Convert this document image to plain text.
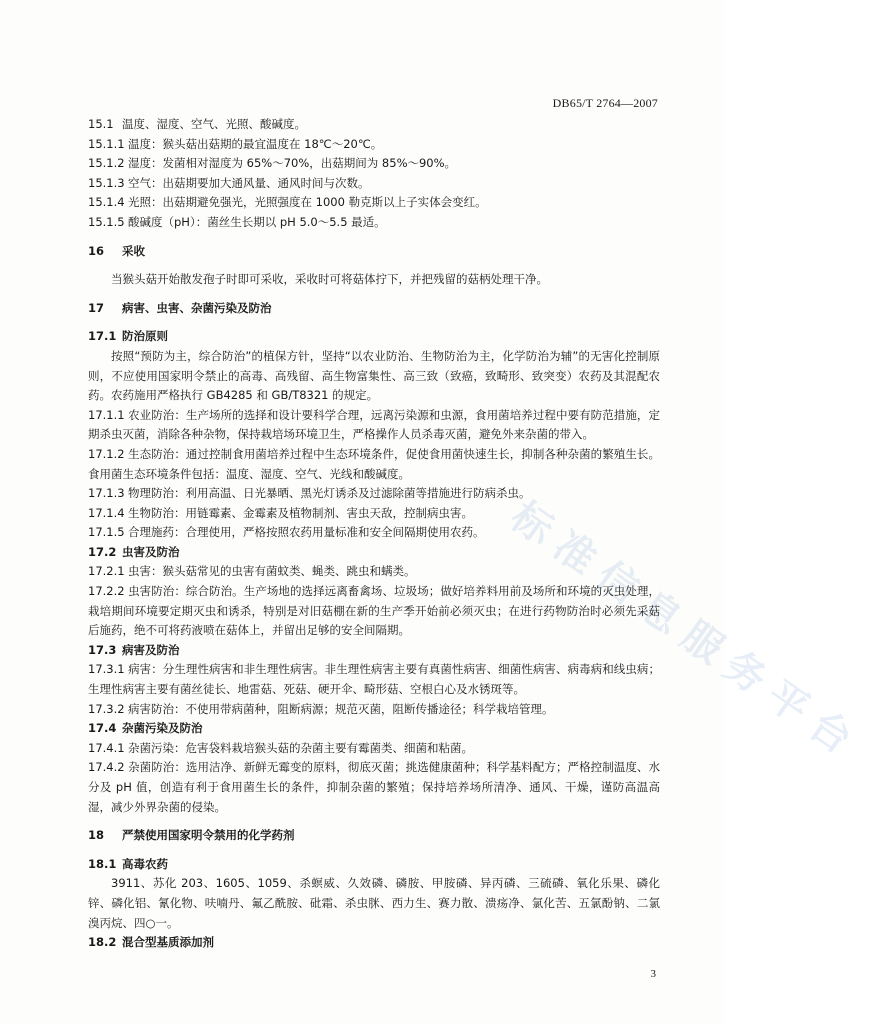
DB65/T 2764—2007
标准信息服务平台
15.1 温度、湿度、空气、光照、酸碱度。
15.1.1 温度：猴头菇出菇期的最宜温度在 18℃～20℃。
15.1.2 湿度：发菌相对湿度为 65%～70%，出菇期间为 85%～90%。
15.1.3 空气：出菇期要加大通风量、通风时间与次数。
15.1.4 光照：出菇期避免强光，光照强度在 1000 勒克斯以上子实体会变红。
15.1.5 酸碱度（pH）：菌丝生长期以 pH 5.0～5.5 最适。
16 采收
当猴头菇开始散发孢子时即可采收，采收时可将菇体拧下，并把残留的菇柄处理干净。
17 病害、虫害、杂菌污染及防治
17.1 防治原则
按照“预防为主，综合防治”的植保方针，坚持“以农业防治、生物防治为主，化学防治为辅”的无害化控制原则，不应使用国家明令禁止的高毒、高残留、高生物富集性、高三致（致癌，致畸形、致突变）农药及其混配农药。农药施用严格执行 GB4285 和 GB/T8321 的规定。
17.1.1 农业防治：生产场所的选择和设计要科学合理，远离污染源和虫源，食用菌培养过程中要有防范措施，定期杀虫灭菌，消除各种杂物，保持栽培场环境卫生，严格操作人员杀毒灭菌，避免外来杂菌的带入。
17.1.2 生态防治：通过控制食用菌培养过程中生态环境条件，促使食用菌快速生长，抑制各种杂菌的繁殖生长。食用菌生态环境条件包括：温度、湿度、空气、光线和酸碱度。
17.1.3 物理防治：利用高温、日光暴晒、黑光灯诱杀及过滤除菌等措施进行防病杀虫。
17.1.4 生物防治：用链霉素、金霉素及植物制剂、害虫天敌，控制病虫害。
17.1.5 合理施药：合理使用，严格按照农药用量标准和安全间隔期使用农药。
17.2 虫害及防治
17.2.1 虫害：猴头菇常见的虫害有菌蚊类、蝇类、跳虫和螨类。
17.2.2 虫害防治：综合防治。生产场地的选择远离畜禽场、垃圾场；做好培养料用前及场所和环境的灭虫处理，栽培期间环境要定期灭虫和诱杀，特别是对旧菇棚在新的生产季开始前必须灭虫；在进行药物防治时必须先采菇后施药，绝不可将药液喷在菇体上，并留出足够的安全间隔期。
17.3 病害及防治
17.3.1 病害：分生理性病害和非生理性病害。非生理性病害主要有真菌性病害、细菌性病害、病毒病和线虫病；生理性病害主要有菌丝徒长、地雷菇、死菇、硬开伞、畸形菇、空根白心及水锈斑等。
17.3.2 病害防治：不使用带病菌种，阻断病源；规范灭菌，阻断传播途径；科学栽培管理。
17.4 杂菌污染及防治
17.4.1 杂菌污染：危害袋料栽培猴头菇的杂菌主要有霉菌类、细菌和粘菌。
17.4.2 杂菌防治：选用洁净、新鲜无霉变的原料，彻底灭菌；挑选健康菌种；科学基料配方；严格控制温度、水分及 pH 值，创造有利于食用菌生长的条件，抑制杂菌的繁殖；保持培养场所清净、通风、干燥，谨防高温高湿，减少外界杂菌的侵染。
18 严禁使用国家明令禁用的化学药剂
18.1 高毒农药
3911、苏化 203、1605、1059、杀螟威、久效磷、磷胺、甲胺磷、异丙磷、三硫磷、氧化乐果、磷化锌、磷化铝、氰化物、呋喃丹、氟乙酰胺、砒霜、杀虫脒、西力生、赛力散、溃疡净、氯化苦、五氯酚钠、二氯溴丙烷、四○一。
18.2 混合型基质添加剂
3
